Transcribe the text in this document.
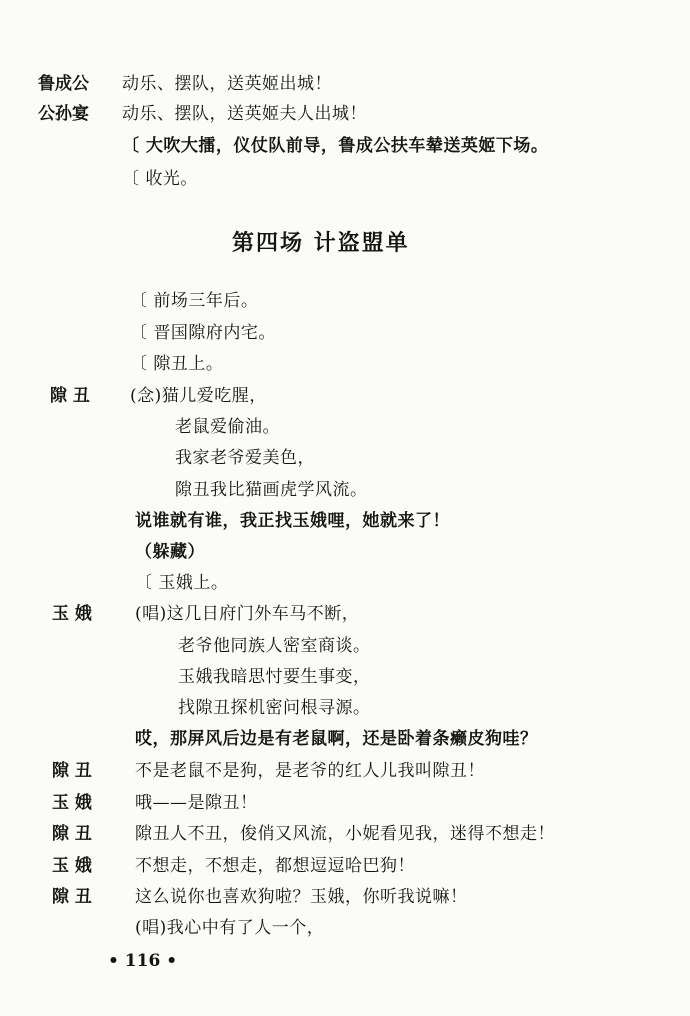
鲁成公 动乐、摆队，送英姬出城！
公孙宴 动乐、摆队，送英姬夫人出城！
〔 大吹大擂，仪仗队前导，鲁成公扶车辇送英姬下场。
〔 收光。
第四场 计盗盟单
〔 前场三年后。
〔 晋国隙府内宅。
〔 隙丑上。
隙 丑 (念)猫儿爱吃腥，
老鼠爱偷油。
我家老爷爱美色，
隙丑我比猫画虎学风流。
说谁就有谁，我正找玉娥哩，她就来了！
（躲藏）
〔 玉娥上。
玉 娥	(唱)这几日府门外车马不断，
老爷他同族人密室商谈。
玉娥我暗思忖要生事变，
找隙丑探机密问根寻源。
哎，那屏风后边是有老鼠啊，还是卧着条癞皮狗哇？
隙 丑	不是老鼠不是狗，是老爷的红人儿我叫隙丑！
玉 娥	哦——是隙丑！
隙 丑	隙丑人不丑，俊俏又风流，小妮看见我，迷得不想走！
玉 娥	不想走，不想走，都想逗逗哈巴狗！
隙 丑	这么说你也喜欢狗啦？玉娥，你听我说嘛！
(唱)我心中有了人一个，
• 116 •
